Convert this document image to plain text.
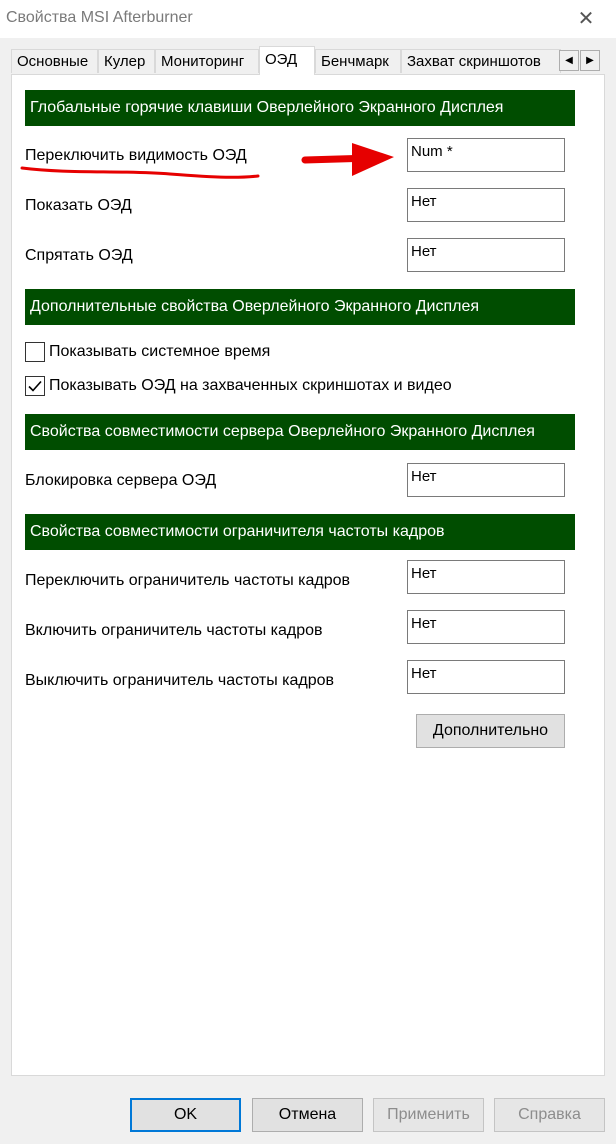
Свойства MSI Afterburner	✕
Основные	Кулер	Мониторинг	ОЭД	Бенчмарк	Захват скриншотов	◀	▶
Глобальные горячие клавиши Оверлейного Экранного Дисплея
Переключить видимость ОЭД	Num *
Показать ОЭД	Нет
Спрятать ОЭД	Нет
Дополнительные свойства Оверлейного Экранного Дисплея
Показывать системное время
Показывать ОЭД на захваченных скриншотах и видео
Свойства совместимости сервера Оверлейного Экранного Дисплея
Блокировка сервера ОЭД	Нет
Свойства совместимости ограничителя частоты кадров
Переключить ограничитель частоты кадров	Нет
Включить ограничитель частоты кадров	Нет
Выключить ограничитель частоты кадров	Нет
Дополнительно
OK	Отмена	Применить	Справка
